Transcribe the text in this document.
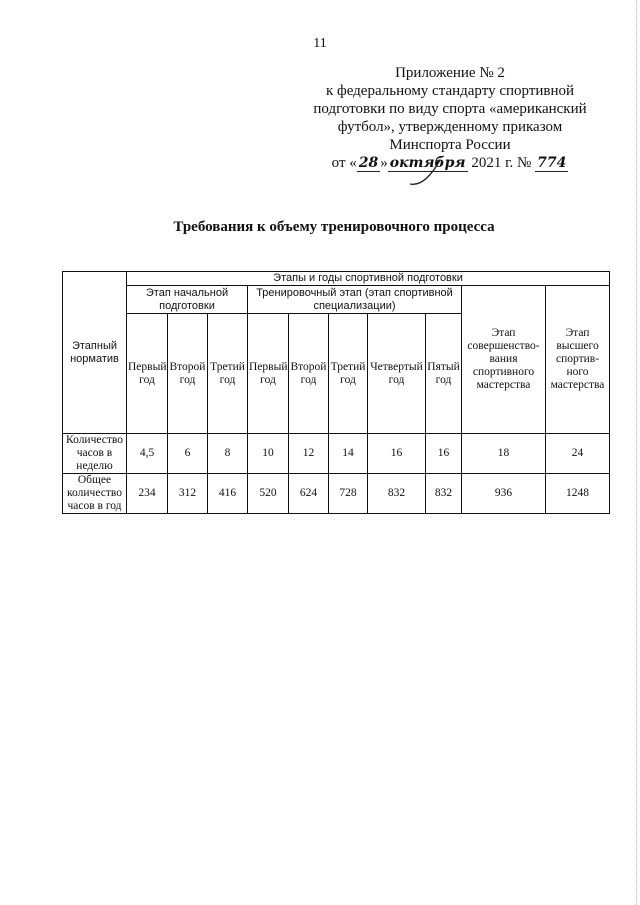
11
Приложение № 2
к федеральному стандарту спортивной
подготовки по виду спорта «американский
футбол», утвержденному приказом
Минспорта России
от « 28 » октября 2021 г. № 774
Требования к объему тренировочного процесса
Этапный норматив	Этапы и годы спортивной подготовки									
	Этап начальной подготовки			Тренировочный этап (этап спортивной специализации)					Этап совершенство- вания спортивного мастерства	Этап высшего спортив- ного мастерства
	Первый год	Второй год	Третий год	Первый год	Второй год	Третий год	Четвертый год	Пятый год		
Количество часов в неделю	4,5	6	8	10	12	14	16	16	18	24
Общее количество часов в год	234	312	416	520	624	728	832	832	936	1248
